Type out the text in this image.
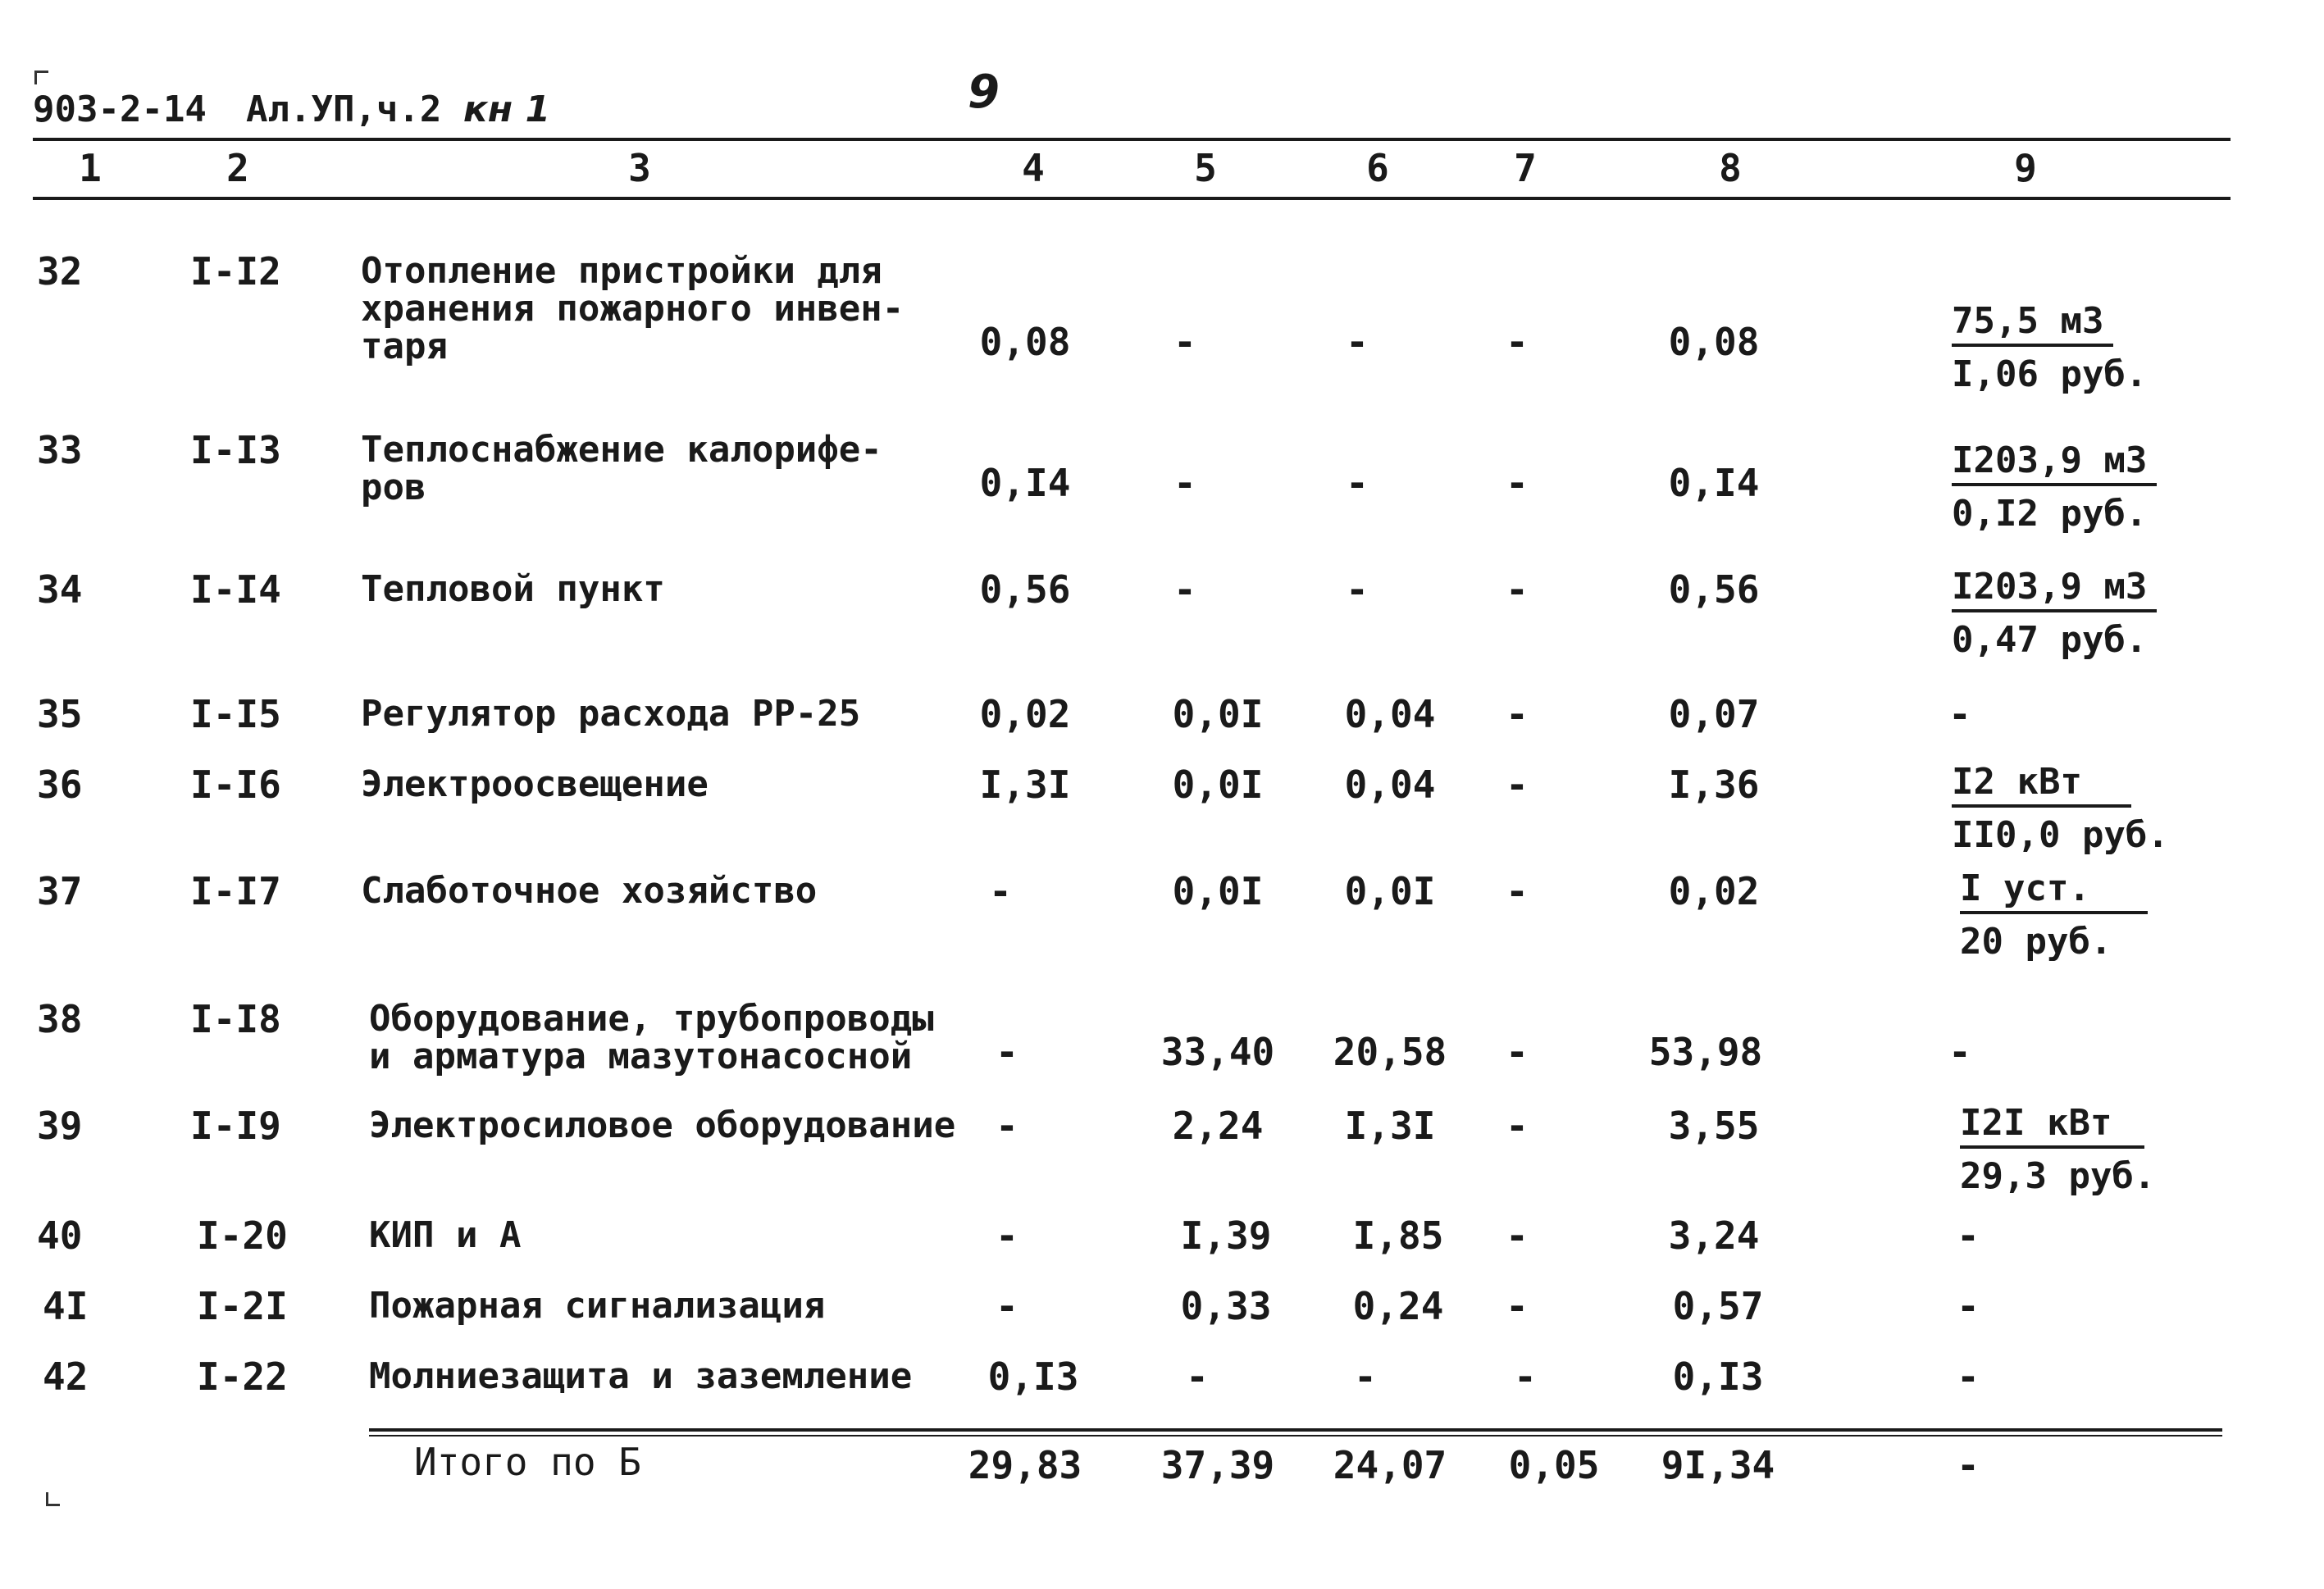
903-2-14 Ал.УП,ч.2 кн 1	9
1	2	3	4	5	6	7	8	9
32	I-I2 Отопление пристройки для
хранения пожарного инвен-
таря	0,08	-	-	-	0,08	75,5 м3
I,06 руб.
33	I-I3 Теплоснабжение калорифе-
ров	0,I4	-	-	-	0,I4
I203,9 м3
0,I2 руб.
34	I-I4 Тепловой пункт	0,56	-	-	-	0,56	I203,9 м3
0,47 руб.
35	I-I5 Регулятор расхода РР-25	0,02	0,0I	0,04	-	0,07	-
36	I-I6 Электроосвещение	I,3I	0,0I	0,04	-	I,36	I2 кВт
II0,0 руб.
37	I-I7 Слаботочное хозяйство	-	0,0I	0,0I	-	0,02	I уст.
20 руб.
38	I-I8 Оборудование, трубопроводы
и арматура мазутонасосной	-	33,40	20,58	-	53,98	-
39	I-I9 Электросиловое оборудование	-	2,24	I,3I	-	3,55	I2I кВт
29,3 руб.
40	I-20 КИП и А	-	I,39	I,85	-	3,24	-
4I	I-2I Пожарная сигнализация	-	0,33	0,24	-	0,57	-
42	I-22 Молниезащита и заземление	0,I3	-	-	-	0,I3	-
Итого по Б	29,83	37,39	24,07	0,05	9I,34	-
